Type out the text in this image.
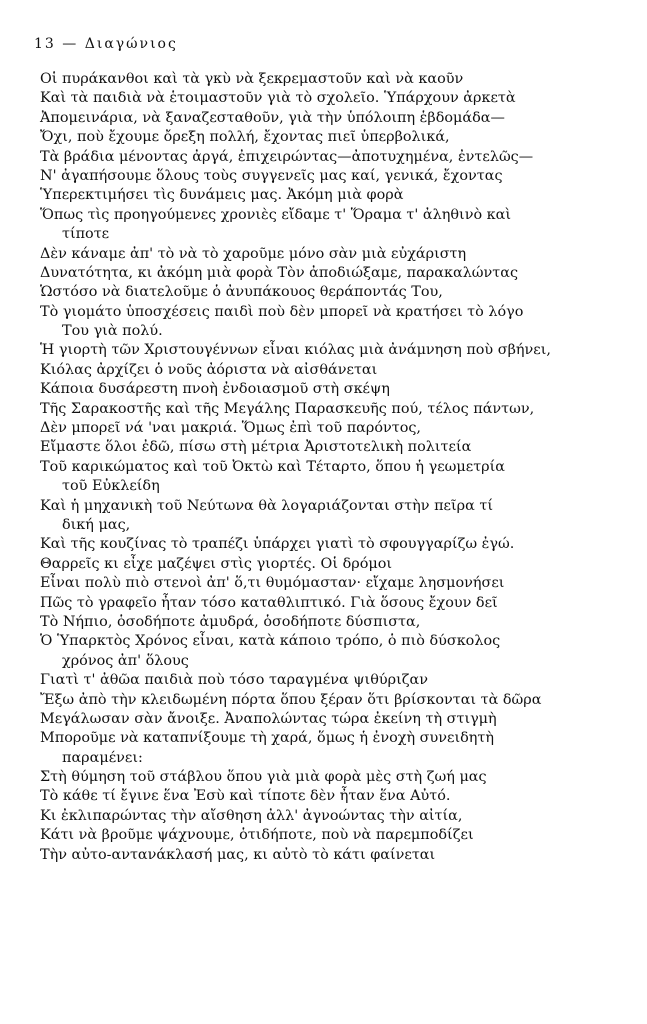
13 — Διαγώνιος
Οἱ πυράκανθοι καὶ τὰ γκὺ νὰ ξεκρεμαστοῦν καὶ νὰ καοῦν
Καὶ τὰ παιδιὰ νὰ ἑτοιμαστοῦν γιὰ τὸ σχολεῖο. Ὑπάρχουν ἀρκετὰ
Ἀπομεινάρια, νὰ ξαναζεσταθοῦν, γιὰ τὴν ὑπόλοιπη ἑβδομάδα—
Ὄχι, ποὺ ἔχουμε ὄρεξη πολλή, ἔχοντας πιεῖ ὑπερβολικά,
Τὰ βράδια μένοντας ἀργά, ἐπιχειρώντας—ἀποτυχημένα, ἐντελῶς—
Ν' ἀγαπήσουμε ὅλους τοὺς συγγενεῖς μας καί, γενικά, ἔχοντας
Ὑπερεκτιμήσει τὶς δυνάμεις μας. Ἀκόμη μιὰ φορὰ
Ὅπως τὶς προηγούμενες χρονιὲς εἴδαμε τ' Ὅραμα τ' ἀληθινὸ καὶ
τίποτε
Δὲν κάναμε ἀπ' τὸ νὰ τὸ χαροῦμε μόνο σὰν μιὰ εὐχάριστη
Δυνατότητα, κι ἀκόμη μιὰ φορὰ Τὸν ἀποδιώξαμε, παρακαλώντας
Ὡστόσο νὰ διατελοῦμε ὁ ἀνυπάκουος θεράποντάς Του,
Τὸ γιομάτο ὑποσχέσεις παιδὶ ποὺ δὲν μπορεῖ νὰ κρατήσει τὸ λόγο
Του γιὰ πολύ.
Ἡ γιορτὴ τῶν Χριστουγέννων εἶναι κιόλας μιὰ ἀνάμνηση ποὺ σβήνει,
Κιόλας ἀρχίζει ὁ νοῦς ἀόριστα νὰ αἰσθάνεται
Κάποια δυσάρεστη πνοὴ ἐνδοιασμοῦ στὴ σκέψη
Τῆς Σαρακοστῆς καὶ τῆς Μεγάλης Παρασκευῆς πού, τέλος πάντων,
Δὲν μπορεῖ νά 'ναι μακριά. Ὅμως ἐπὶ τοῦ παρόντος,
Εἴμαστε ὅλοι ἐδῶ, πίσω στὴ μέτρια Ἀριστοτελικὴ πολιτεία
Τοῦ καρικώματος καὶ τοῦ Ὀκτὼ καὶ Τέταρτο, ὅπου ἡ γεωμετρία
τοῦ Εὐκλείδη
Καὶ ἡ μηχανικὴ τοῦ Νεύτωνα θὰ λογαριάζονται στὴν πεῖρα τί
δική μας,
Καὶ τῆς κουζίνας τὸ τραπέζι ὑπάρχει γιατὶ τὸ σφουγγαρίζω ἐγώ.
Θαρρεῖς κι εἶχε μαζέψει στὶς γιορτές. Οἱ δρόμοι
Εἶναι πολὺ πιὸ στενοὶ ἀπ' ὅ,τι θυμόμασταν· εἴχαμε λησμονήσει
Πῶς τὸ γραφεῖο ἦταν τόσο καταθλιπτικό. Γιὰ ὅσους ἔχουν δεῖ
Τὸ Νήπιο, ὁσοδήποτε ἀμυδρά, ὁσοδήποτε δύσπιστα,
Ὁ Ὑπαρκτὸς Χρόνος εἶναι, κατὰ κάποιο τρόπο, ὁ πιὸ δύσκολος
χρόνος ἀπ' ὅλους
Γιατὶ τ' ἀθῶα παιδιὰ ποὺ τόσο ταραγμένα ψιθύριζαν
Ἔξω ἀπὸ τὴν κλειδωμένη πόρτα ὅπου ξέραν ὅτι βρίσκονται τὰ δῶρα
Μεγάλωσαν σὰν ἄνοιξε. Ἀναπολώντας τώρα ἐκείνη τὴ στιγμὴ
Μποροῦμε νὰ καταπνίξουμε τὴ χαρά, ὅμως ἡ ἐνοχὴ συνειδητὴ
παραμένει:
Στὴ θύμηση τοῦ στάβλου ὅπου γιὰ μιὰ φορὰ μὲς στὴ ζωή μας
Τὸ κάθε τί ἔγινε ἕνα Ἐσὺ καὶ τίποτε δὲν ἦταν ἕνα Αὐτό.
Κι ἐκλιπαρώντας τὴν αἴσθηση ἀλλ' ἀγνοώντας τὴν αἰτία,
Κάτι νὰ βροῦμε ψάχνουμε, ὁτιδήποτε, ποὺ νὰ παρεμποδίζει
Τὴν αὐτο-αντανάκλασή μας, κι αὐτὸ τὸ κάτι φαίνεται
